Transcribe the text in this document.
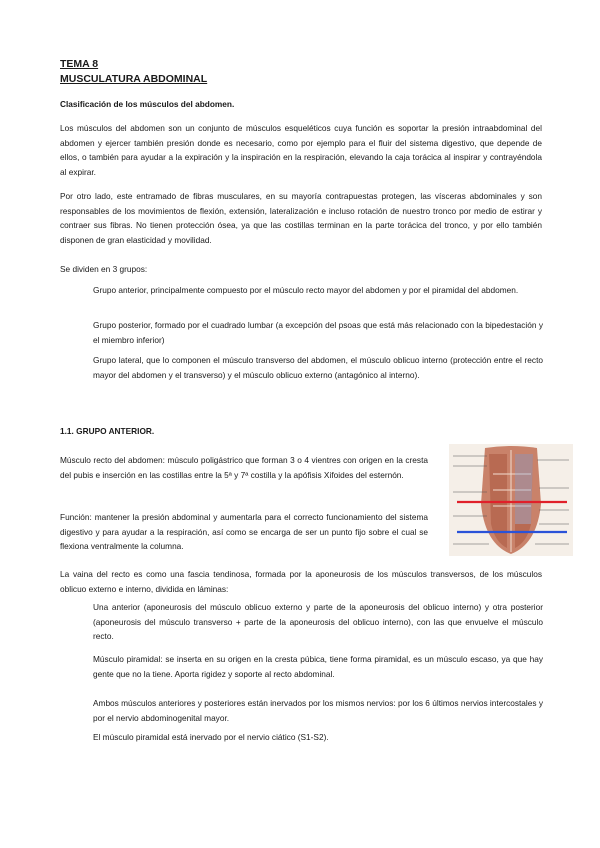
TEMA 8
MUSCULATURA ABDOMINAL
Clasificación de los músculos del abdomen.
Los músculos del abdomen son un conjunto de músculos esqueléticos cuya función es soportar la presión intraabdominal del abdomen y ejercer también presión donde es necesario, como por ejemplo para el fluir del sistema digestivo, que depende de ellos, o también para ayudar a la expiración y la inspiración en la respiración, elevando la caja torácica al inspirar y contrayéndola al expirar.
Por otro lado, este entramado de fibras musculares, en su mayoría contrapuestas protegen, las vísceras abdominales y son responsables de los movimientos de flexión, extensión, lateralización e incluso rotación de nuestro tronco por medio de estirar y contraer sus fibras. No tienen protección ósea, ya que las costillas terminan en la parte torácica del tronco, y por ello también disponen de gran elasticidad y movilidad.
Se dividen en 3 grupos:
Grupo anterior, principalmente compuesto por el músculo recto mayor del abdomen y por el piramidal del abdomen.
Grupo posterior, formado por el cuadrado lumbar (a excepción del psoas que está más relacionado con la bipedestación y el miembro inferior)
Grupo lateral, que lo componen el músculo transverso del abdomen, el músculo oblicuo interno (protección entre el recto mayor del abdomen y el transverso) y el músculo oblicuo externo (antagónico al interno).
1.1. GRUPO ANTERIOR.
Músculo recto del abdomen: músculo poligástrico que forman 3 o 4 vientres con origen en la cresta del pubis e inserción en las costillas entre la 5ª y 7ª costilla y la apófisis Xifoides del esternón.
Función: mantener la presión abdominal y aumentarla para el correcto funcionamiento del sistema digestivo y para ayudar a la respiración, así como se encarga de ser un punto fijo sobre el cual se flexiona ventralmente la columna.
La vaina del recto es como una fascia tendinosa, formada por la aponeurosis de los músculos transversos, de los músculos oblicuo externo e interno, dividida en láminas:
Una anterior (aponeurosis del músculo oblicuo externo y parte de la aponeurosis del oblicuo interno) y otra posterior (aponeurosis del músculo transverso + parte de la aponeurosis del oblicuo interno), con las que envuelve el músculo recto.
Músculo piramidal: se inserta en su origen en la cresta púbica, tiene forma piramidal, es un músculo escaso, ya que hay gente que no la tiene. Aporta rigidez y soporte al recto abdominal.
Ambos músculos anteriores y posteriores están inervados por los mismos nervios: por los 6 últimos nervios intercostales y por el nervio abdominogenital mayor.
El músculo piramidal está inervado por el nervio ciático (S1-S2).
